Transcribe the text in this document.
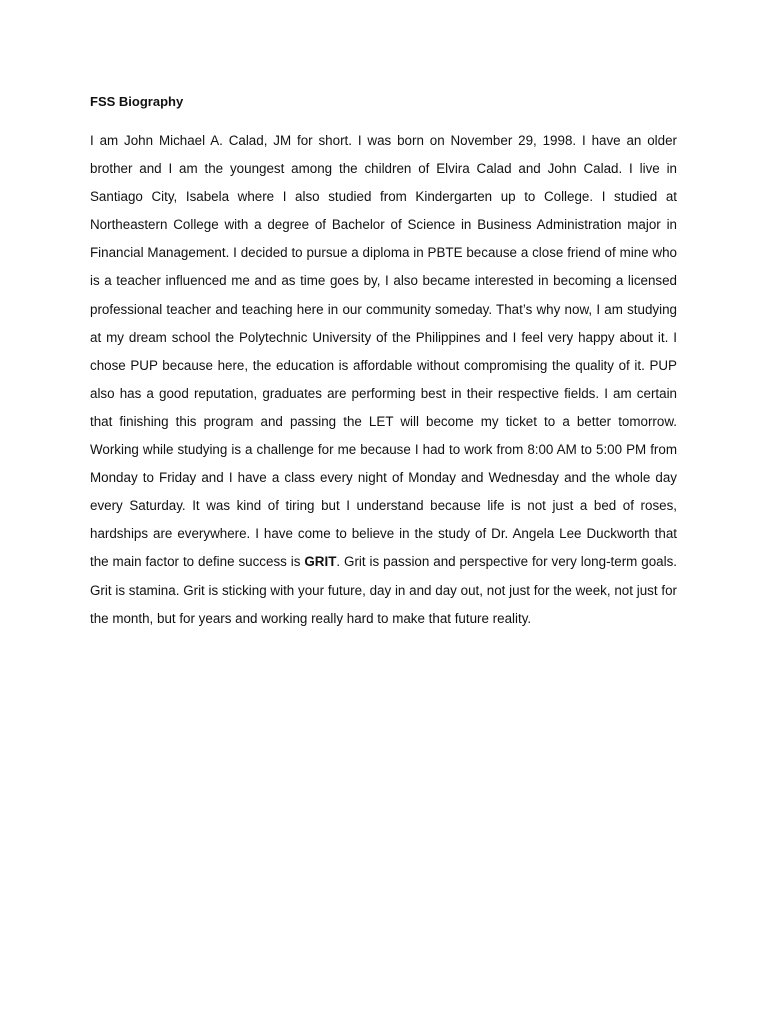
FSS Biography

I am John Michael A. Calad, JM for short. I was born on November 29, 1998. I have an older brother and I am the youngest among the children of Elvira Calad and John Calad. I live in Santiago City, Isabela where I also studied from Kindergarten up to College. I studied at Northeastern College with a degree of Bachelor of Science in Business Administration major in Financial Management. I decided to pursue a diploma in PBTE because a close friend of mine who is a teacher influenced me and as time goes by, I also became interested in becoming a licensed professional teacher and teaching here in our community someday. That’s why now, I am studying at my dream school the Polytechnic University of the Philippines and I feel very happy about it. I chose PUP because here, the education is affordable without compromising the quality of it. PUP also has a good reputation, graduates are performing best in their respective fields. I am certain that finishing this program and passing the LET will become my ticket to a better tomorrow. Working while studying is a challenge for me because I had to work from 8:00 AM to 5:00 PM from Monday to Friday and I have a class every night of Monday and Wednesday and the whole day every Saturday. It was kind of tiring but I understand because life is not just a bed of roses, hardships are everywhere. I have come to believe in the study of Dr. Angela Lee Duckworth that the main factor to define success is GRIT. Grit is passion and perspective for very long-term goals. Grit is stamina. Grit is sticking with your future, day in and day out, not just for the week, not just for the month, but for years and working really hard to make that future reality.
